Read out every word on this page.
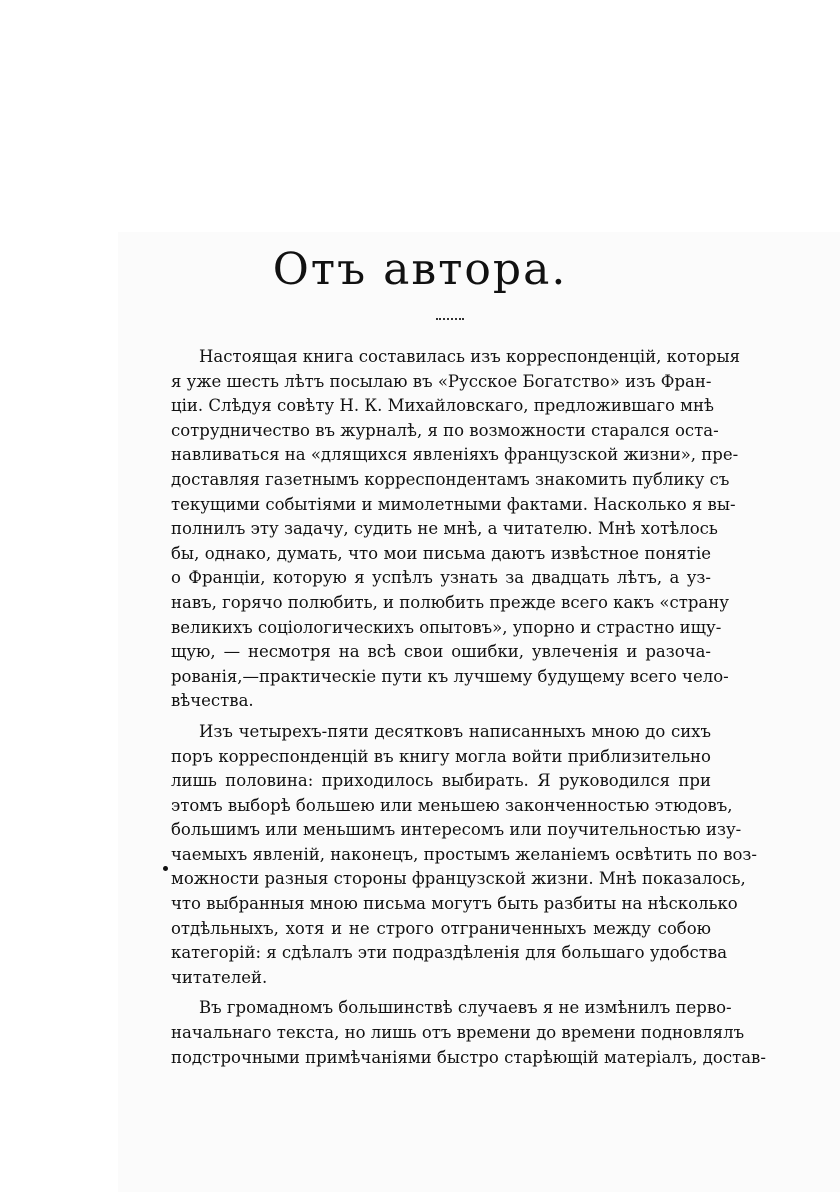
Отъ автора.
Настоящая книга составилась изъ корреспонденцій, которыя
я уже шесть лѣтъ посылаю въ «Русское Богатство» изъ Фран-
ціи. Слѣдуя совѣту Н. К. Михайловскаго, предложившаго мнѣ
сотрудничество въ журналѣ, я по возможности старался оста-
навливаться на «длящихся явленіяхъ французской жизни», пре-
доставляя газетнымъ корреспондентамъ знакомить публику съ
текущими событіями и мимолетными фактами. Насколько я вы-
полнилъ эту задачу, судить не мнѣ, а читателю. Мнѣ хотѣлось
бы, однако, думать, что мои письма даютъ извѣстное понятіе
о Франціи, которую я успѣлъ узнать за двадцать лѣтъ, а уз-
навъ, горячо полюбить, и полюбить прежде всего какъ «страну
великихъ соціологическихъ опытовъ», упорно и страстно ищу-
щую, — несмотря на всѣ свои ошибки, увлеченія и разоча-
рованія,—практическіе пути къ лучшему будущему всего чело-
вѣчества.
Изъ четырехъ-пяти десятковъ написанныхъ мною до сихъ
поръ корреспонденцій въ книгу могла войти приблизительно
лишь половина: приходилось выбирать. Я руководился при
этомъ выборѣ большею или меньшею законченностью этюдовъ,
большимъ или меньшимъ интересомъ или поучительностью изу-
чаемыхъ явленій, наконецъ, простымъ желаніемъ освѣтить по воз-
можности разныя стороны французской жизни. Мнѣ показалось,
что выбранныя мною письма могутъ быть разбиты на нѣсколько
отдѣльныхъ, хотя и не строго отграниченныхъ между собою
категорій: я сдѣлалъ эти подраздѣленія для большаго удобства
читателей.
Въ громадномъ большинствѣ случаевъ я не измѣнилъ перво-
начальнаго текста, но лишь отъ времени до времени подновлялъ
подстрочными примѣчаніями быстро старѣющій матеріалъ, достав-
